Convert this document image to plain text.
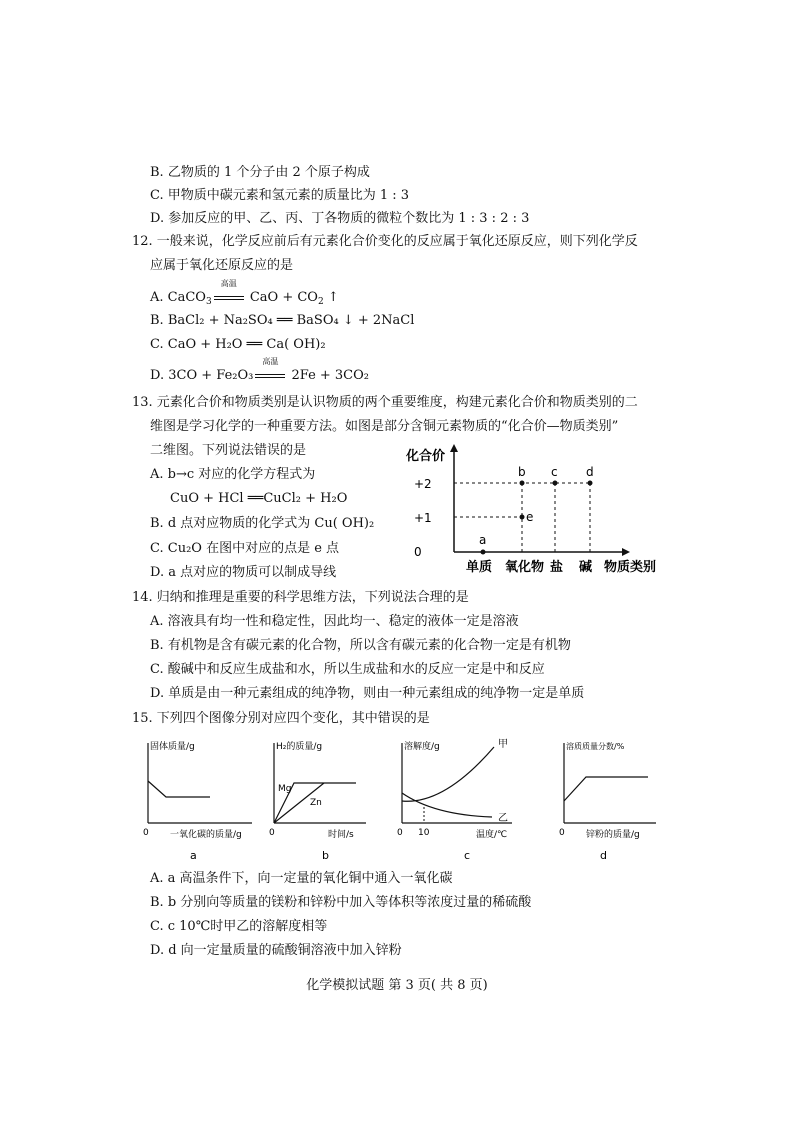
B. 乙物质的 1 个分子由 2 个原子构成
C. 甲物质中碳元素和氢元素的质量比为 1 : 3
D. 参加反应的甲、乙、丙、丁各物质的微粒个数比为 1 : 3 : 2 : 3
12. 一般来说，化学反应前后有元素化合价变化的反应属于氧化还原反应，则下列化学反
应属于氧化还原反应的是
A. CaCO$_3$
高温
CaO + $CO_2$ ↑
B. BaCl₂ + Na₂SO₄ ══ BaSO₄ ↓ + 2NaCl
C. CaO + H₂O ══ Ca( OH)₂
D. 3CO + Fe₂O₃
高温
2Fe + 3CO₂
13. 元素化合价和物质类别是认识物质的两个重要维度，构建元素化合价和物质类别的二
维图是学习化学的一种重要方法。如图是部分含铜元素物质的“化合价—物质类别”
二维图。下列说法错误的是
A. b→c 对应的化学方程式为
CuO + HCl ══CuCl₂ + H₂O
B. d 点对应物质的化学式为 Cu( OH)₂
C. Cu₂O 在图中对应的点是 e 点
D. a 点对应的物质可以制成导线
化合价
+2
+1
0
a
b c d
e
单质 氧化物 盐 碱 物质类别
14. 归纳和推理是重要的科学思维方法，下列说法合理的是
A. 溶液具有均一性和稳定性，因此均一、稳定的液体一定是溶液
B. 有机物是含有碳元素的化合物，所以含有碳元素的化合物一定是有机物
C. 酸碱中和反应生成盐和水，所以生成盐和水的反应一定是中和反应
D. 单质是由一种元素组成的纯净物，则由一种元素组成的纯净物一定是单质
15. 下列四个图像分别对应四个变化，其中错误的是
固体质量/g
0 一氧化碳的质量/g
a
H₂的质量/g
Mg
Zn
0	时间/s
b
溶解度/g	甲
乙
0 10	温度/℃
c
溶质质量分数/%
0 锌粉的质量/g
d
A. a 高温条件下，向一定量的氧化铜中通入一氧化碳
B. b 分别向等质量的镁粉和锌粉中加入等体积等浓度过量的稀硫酸
C. c 10℃时甲乙的溶解度相等
D. d 向一定量质量的硫酸铜溶液中加入锌粉
化学模拟试题 第 3 页( 共 8 页)
